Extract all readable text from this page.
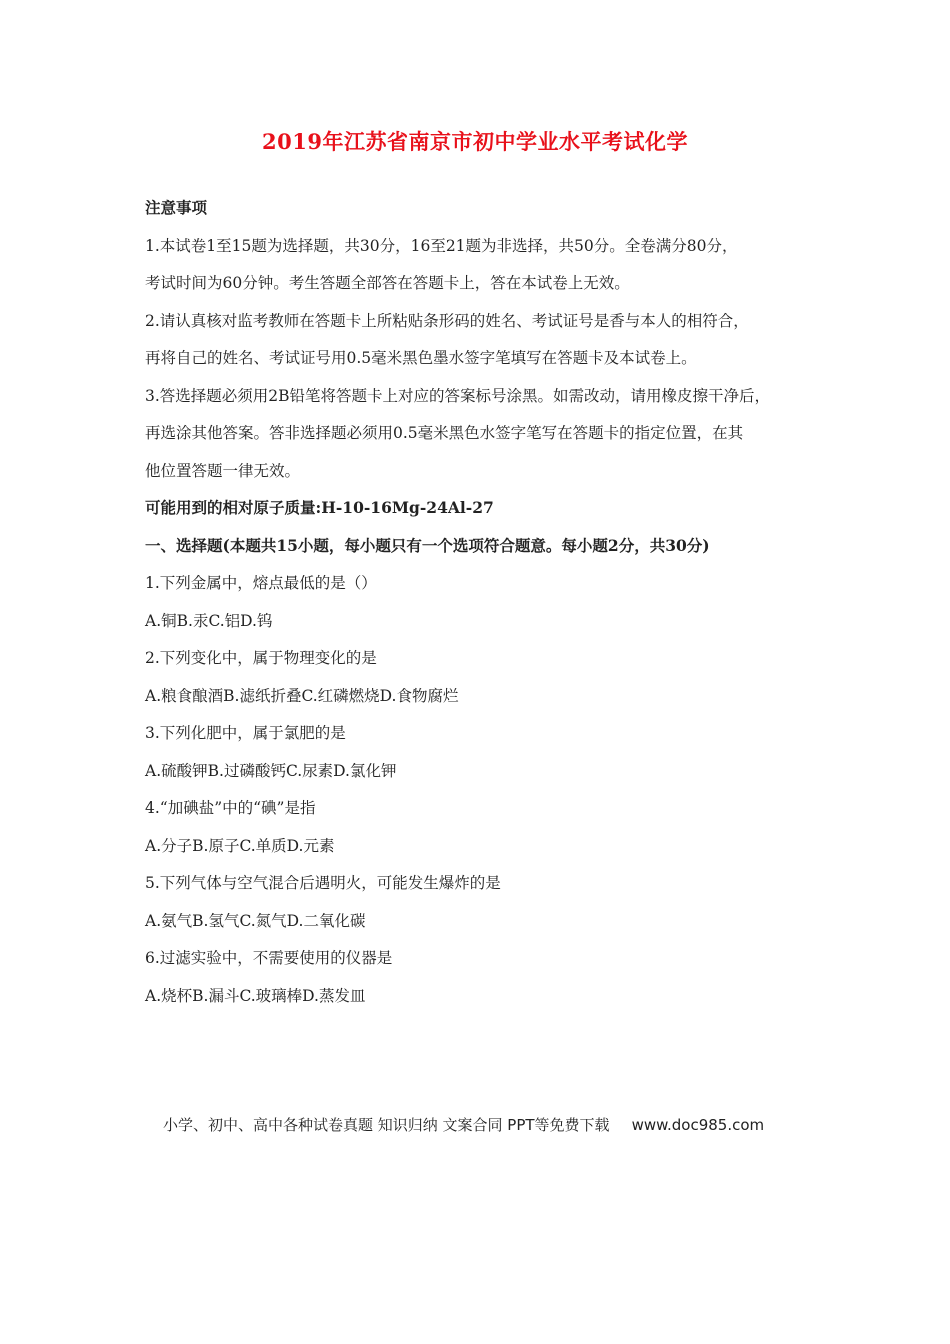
2019年江苏省南京市初中学业水平考试化学
注意事项
1.本试卷1至15题为选择题，共30分，16至21题为非选择，共50分。全卷满分80分，
考试时间为60分钟。考生答题全部答在答题卡上，答在本试卷上无效。
2.请认真核对监考教师在答题卡上所粘贴条形码的姓名、考试证号是香与本人的相符合，
再将自己的姓名、考试证号用0.5毫米黑色墨水签字笔填写在答题卡及本试卷上。
3.答选择题必须用2B铅笔将答题卡上对应的答案标号涂黑。如需改动，请用橡皮擦干净后，
再选涂其他答案。答非选择题必须用0.5毫米黑色水签字笔写在答题卡的指定位置，在其
他位置答题一律无效。
可能用到的相对原子质量:H-10-16Mg-24Al-27
一、选择题(本题共15小题，每小题只有一个选项符合题意。每小题2分，共30分)
1.下列金属中，熔点最低的是（）
A.铜B.汞C.铝D.钨
2.下列变化中，属于物理变化的是
A.粮食酿酒B.滤纸折叠C.红磷燃烧D.食物腐烂
3.下列化肥中，属于氯肥的是
A.硫酸钾B.过磷酸钙C.尿素D.氯化钾
4.“加碘盐”中的“碘”是指
A.分子B.原子C.单质D.元素
5.下列气体与空气混合后遇明火，可能发生爆炸的是
A.氨气B.氢气C.氮气D.二氧化碳
6.过滤实验中，不需要使用的仪器是
A.烧杯B.漏斗C.玻璃棒D.蒸发皿
小学、初中、高中各种试卷真题 知识归纳 文案合同 PPT等免费下载 www.doc985.com
